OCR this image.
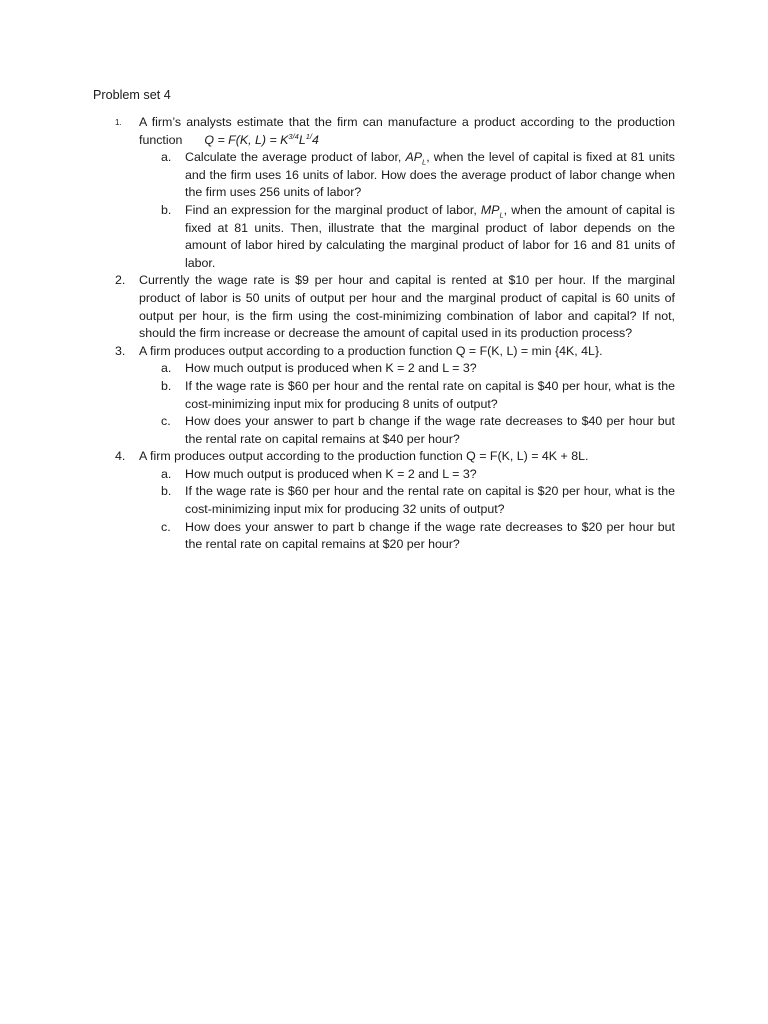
Problem set 4
1.	A firm’s analysts estimate that the firm can manufacture a product according to the production function Q = F(K, $L) = K^{3/4}L^{1/}4$
a.	Calculate the average product of labor, $AP_L$, when the level of capital is fixed at 81 units and the firm uses 16 units of labor. How does the average product of labor change when the firm uses 256 units of labor?
b.	Find an expression for the marginal product of labor, $MP_L$, when the amount of capital is fixed at 81 units. Then, illustrate that the marginal product of labor depends on the amount of labor hired by calculating the marginal product of labor for 16 and 81 units of labor.
2.	Currently the wage rate is $9 per hour and capital is rented at $10 per hour. If the marginal product of labor is 50 units of output per hour and the marginal product of capital is 60 units of output per hour, is the firm using the cost-minimizing combination of labor and capital? If not, should the firm increase or decrease the amount of capital used in its production process?
3.	A firm produces output according to a production function Q = F(K, L) = min {4K, 4L}.
a.	How much output is produced when K = 2 and L = 3?
b.	If the wage rate is $60 per hour and the rental rate on capital is $40 per hour, what is the cost-minimizing input mix for producing 8 units of output?
c.	How does your answer to part b change if the wage rate decreases to $40 per hour but the rental rate on capital remains at $40 per hour?
4.	A firm produces output according to the production function Q = F(K, L) = 4K + 8L.
a.	How much output is produced when K = 2 and L = 3?
b.	If the wage rate is $60 per hour and the rental rate on capital is $20 per hour, what is the cost-minimizing input mix for producing 32 units of output?
c.	How does your answer to part b change if the wage rate decreases to $20 per hour but the rental rate on capital remains at $20 per hour?
